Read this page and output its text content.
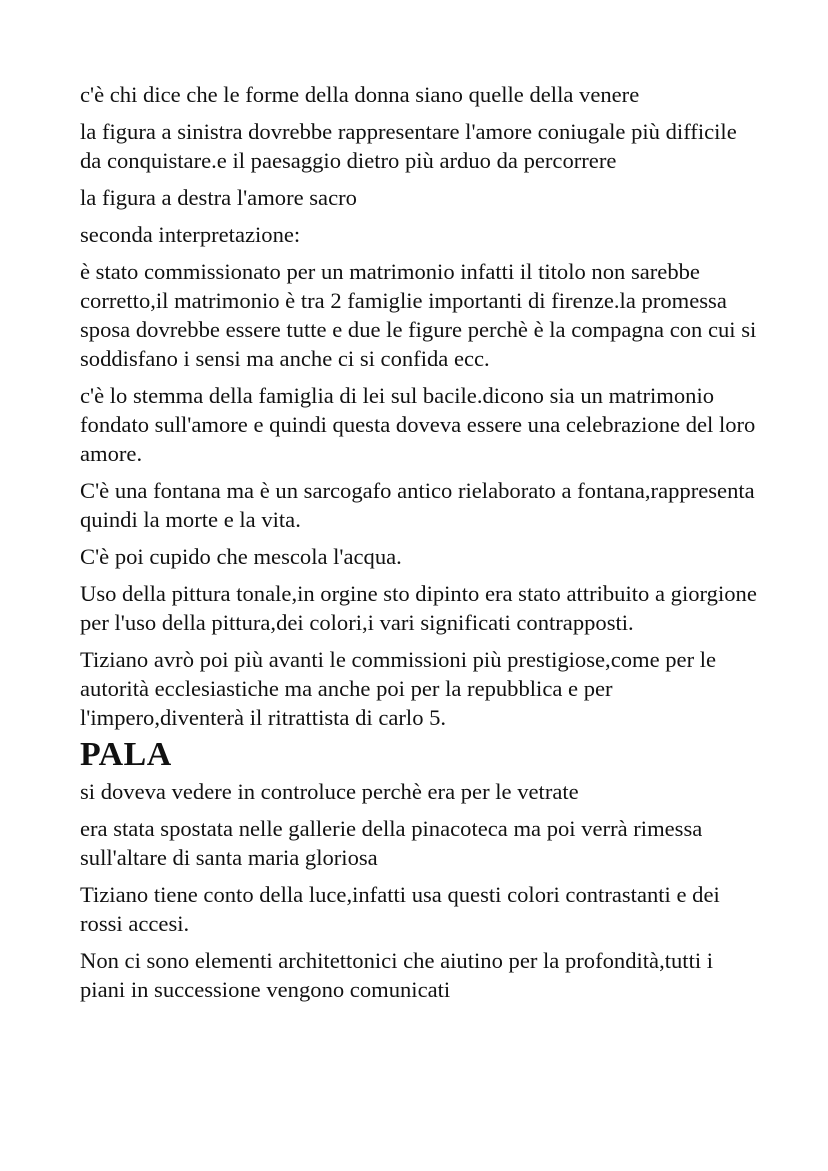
c'è chi dice che le forme della donna siano quelle della venere

la figura a sinistra dovrebbe rappresentare l'amore coniugale più difficile da conquistare.e il paesaggio dietro più arduo da percorrere

la figura a destra l'amore sacro

seconda interpretazione:

è stato commissionato per un matrimonio infatti il titolo non sarebbe corretto,il matrimonio è tra 2 famiglie importanti di firenze.la promessa sposa dovrebbe essere tutte e due le figure perchè è la compagna con cui si soddisfano i sensi ma anche ci si confida ecc.

c'è lo stemma della famiglia di lei sul bacile.dicono sia un matrimonio fondato sull'amore e quindi questa doveva essere una celebrazione del loro amore.

C'è una fontana ma è un sarcogafo antico rielaborato a fontana,rappresenta quindi la morte e la vita.

C'è poi cupido che mescola l'acqua.

Uso della pittura tonale,in orgine sto dipinto era stato attribuito a giorgione per l'uso della pittura,dei colori,i vari significati contrapposti.

Tiziano avrò poi più avanti le commissioni più prestigiose,come per le autorità ecclesiastiche ma anche poi per la repubblica e per l'impero,diventerà il ritrattista di carlo 5.

PALA

si doveva vedere in controluce perchè era per le vetrate

era stata spostata nelle gallerie della pinacoteca ma poi verrà rimessa sull'altare di santa maria gloriosa

Tiziano tiene conto della luce,infatti usa questi colori contrastanti e dei rossi accesi.

Non ci sono elementi architettonici che aiutino per la profondità,tutti i piani in successione vengono comunicati
